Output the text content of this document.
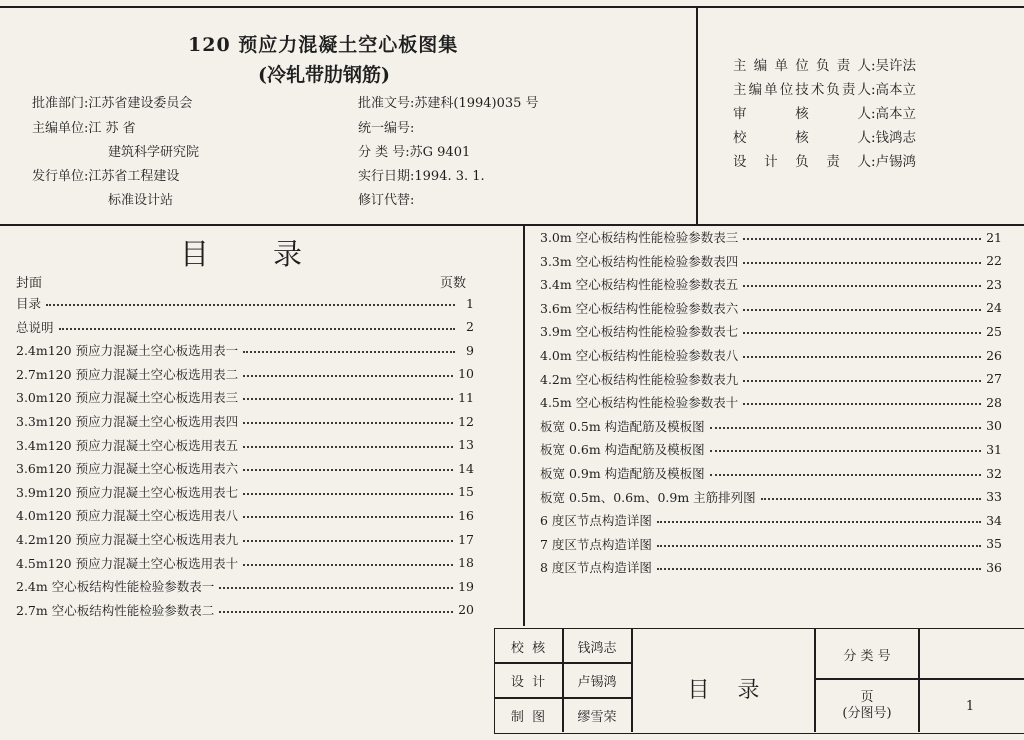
120 预应力混凝土空心板图集
(冷轧带肋钢筋)
批准部门:江苏省建设委员会
主编单位:江 苏 省
建筑科学研究院
发行单位:江苏省工程建设
标准设计站
批准文号:苏建科(1994)035 号
统一编号:
分 类 号:苏G 9401
实行日期:1994. 3. 1.
修订代替:
主 编 单 位 负 责 人 :吴许法
主 编 单 位 技 术 负 责 人 :高本立
审	核	人 :高本立
校	核	人 :钱鸿志
设 计 负 责 人 :卢锡鸿
目录
封面	页数
目录	1
总说明	2
2.4m120 预应力混凝土空心板选用表一	9
2.7m120 预应力混凝土空心板选用表二	10
3.0m120 预应力混凝土空心板选用表三	11
3.3m120 预应力混凝土空心板选用表四	12
3.4m120 预应力混凝土空心板选用表五	13
3.6m120 预应力混凝土空心板选用表六	14
3.9m120 预应力混凝土空心板选用表七	15
4.0m120 预应力混凝土空心板选用表八	16
4.2m120 预应力混凝土空心板选用表九	17
4.5m120 预应力混凝土空心板选用表十	18
2.4m 空心板结构性能检验参数表一	19
2.7m 空心板结构性能检验参数表二	20
3.0m 空心板结构性能检验参数表三	21
3.3m 空心板结构性能检验参数表四	22
3.4m 空心板结构性能检验参数表五	23
3.6m 空心板结构性能检验参数表六	24
3.9m 空心板结构性能检验参数表七	25
4.0m 空心板结构性能检验参数表八	26
4.2m 空心板结构性能检验参数表九	27
4.5m 空心板结构性能检验参数表十	28
板宽 0.5m 构造配筋及模板图	30
板宽 0.6m 构造配筋及模板图	31
板宽 0.9m 构造配筋及模板图	32
板宽 0.5m、0.6m、0.9m 主筋排列图	33
6 度区节点构造详图	34
7 度区节点构造详图	35
8 度区节点构造详图	36
校  核	钱鸿志
设  计	卢锡鸿
制  图	缪雪荣
目    录
分 类 号
页
(分图号)	1
